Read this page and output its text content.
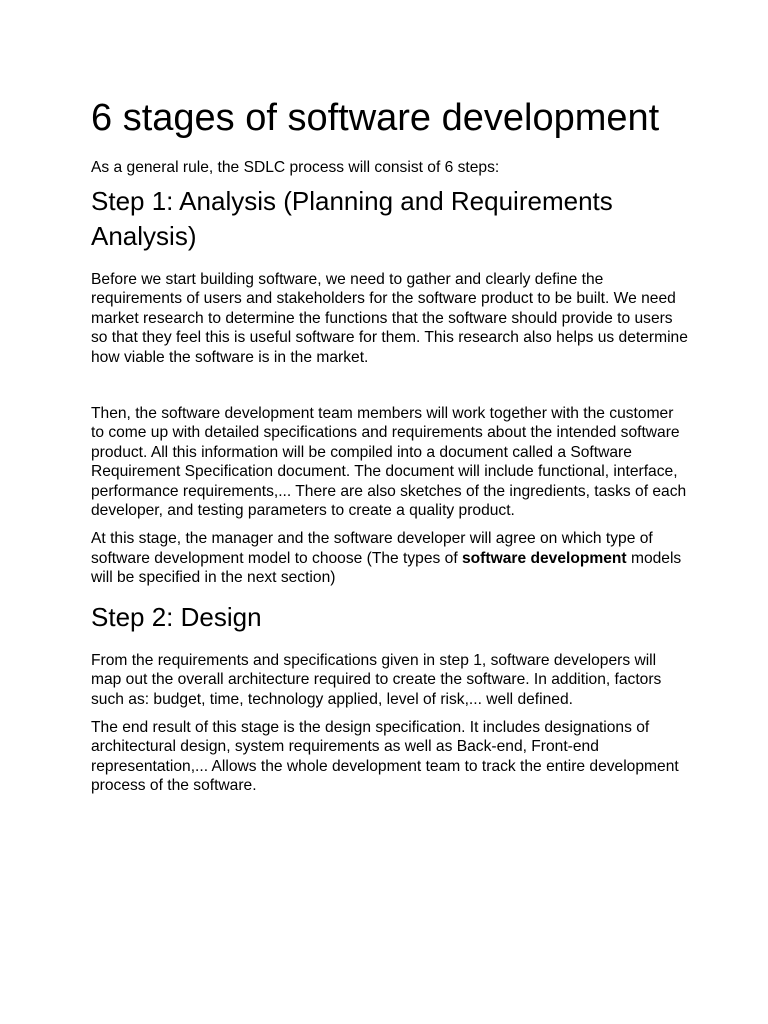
6 stages of software development

As a general rule, the SDLC process will consist of 6 steps:

Step 1: Analysis (Planning and Requirements Analysis)

Before we start building software, we need to gather and clearly define the requirements of users and stakeholders for the software product to be built. We need market research to determine the functions that the software should provide to users so that they feel this is useful software for them. This research also helps us determine how viable the software is in the market.

Then, the software development team members will work together with the customer to come up with detailed specifications and requirements about the intended software product. All this information will be compiled into a document called a Software Requirement Specification document. The document will include functional, interface, performance requirements,... There are also sketches of the ingredients, tasks of each developer, and testing parameters to create a quality product.

At this stage, the manager and the software developer will agree on which type of software development model to choose (The types of software development models will be specified in the next section)

Step 2: Design

From the requirements and specifications given in step 1, software developers will map out the overall architecture required to create the software. In addition, factors such as: budget, time, technology applied, level of risk,... well defined.

The end result of this stage is the design specification. It includes designations of architectural design, system requirements as well as Back-end, Front-end representation,... Allows the whole development team to track the entire development process of the software.
